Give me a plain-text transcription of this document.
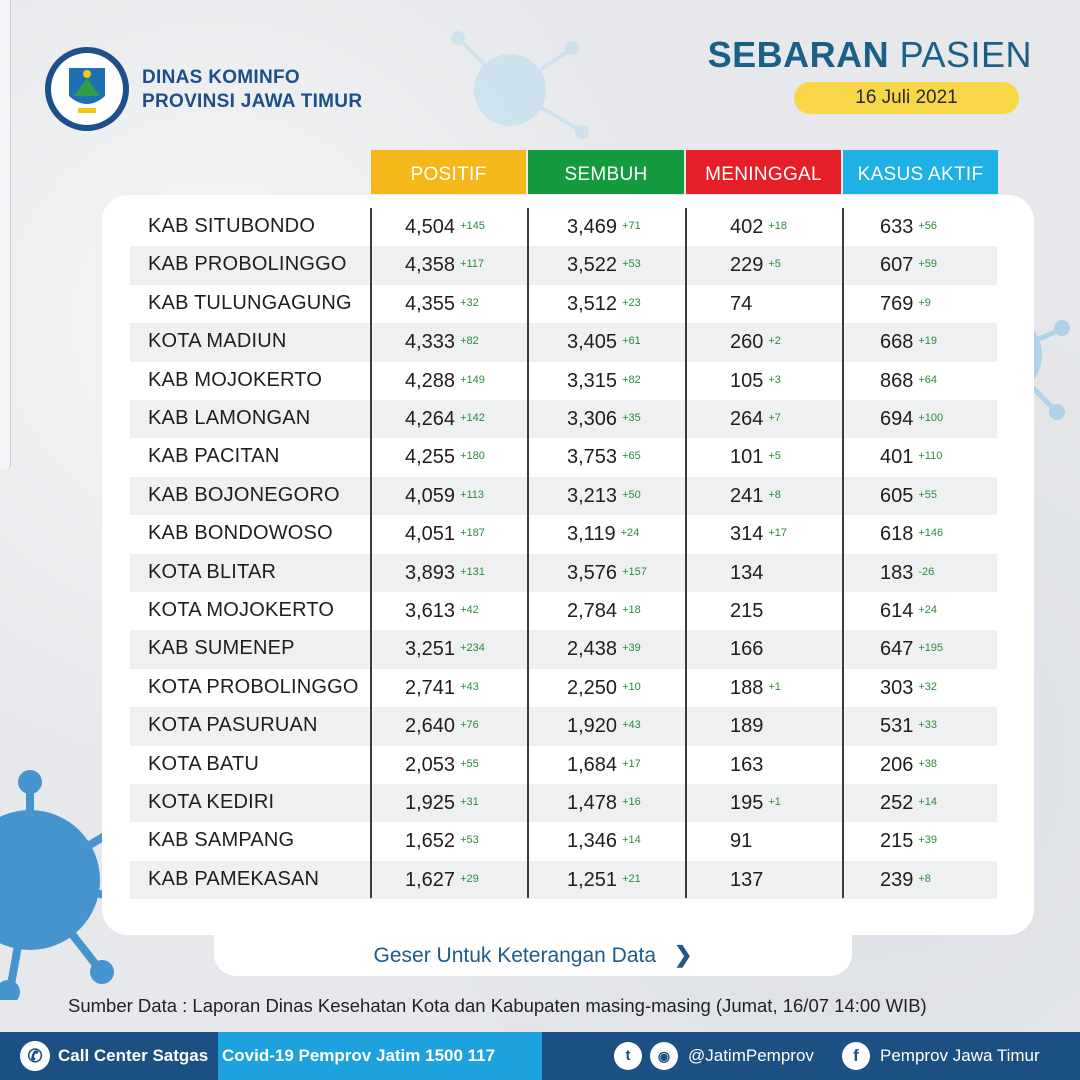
DINAS KOMINFO
PROVINSI JAWA TIMUR
SEBARAN PASIEN
16 Juli 2021
POSITIF	SEMBUH	MENINGGAL	KASUS AKTIF
KAB SITUBONDO	4,504 $^{+145}$	3,469 $^{+71}$	402 $^{+18}$	633 $^{+56}$
KAB PROBOLINGGO	4,358 $^{+117}$	3,522 $^{+53}$	229 $^{+5}$	607 $^{+59}$
KAB TULUNGAGUNG	4,355 $^{+32}$	3,512 $^{+23}$	74	769 $^{+9}$
KOTA MADIUN	4,333 $^{+82}$	3,405 $^{+61}$	260 $^{+2}$	668 $^{+19}$
KAB MOJOKERTO	4,288 $^{+149}$	3,315 $^{+82}$	105 $^{+3}$	868 $^{+64}$
KAB LAMONGAN	4,264 $^{+142}$	3,306 $^{+35}$	264 $^{+7}$	694 $^{+100}$
KAB PACITAN	4,255 $^{+180}$	3,753 $^{+65}$	101 $^{+5}$	401 $^{+110}$
KAB BOJONEGORO	4,059 $^{+113}$	3,213 $^{+50}$	241 $^{+8}$	605 $^{+55}$
KAB BONDOWOSO	4,051 $^{+187}$	3,119 $^{+24}$	314 $^{+17}$	618 $^{+146}$
KOTA BLITAR	3,893 $^{+131}$	3,576 $^{+157}$	134	183 $^{-26}$
KOTA MOJOKERTO	3,613 $^{+42}$	2,784 $^{+18}$	215	614 $^{+24}$
KAB SUMENEP	3,251 $^{+234}$	2,438 $^{+39}$	166	647 $^{+195}$
KOTA PROBOLINGGO 2,741 $^{+43}$	2,250 $^{+10}$	188 $^{+1}$	303 $^{+32}$
KOTA PASURUAN	2,640 $^{+76}$	1,920 $^{+43}$	189	531 $^{+33}$
KOTA BATU	2,053 $^{+55}$	1,684 $^{+17}$	163	206 $^{+38}$
KOTA KEDIRI	1,925 $^{+31}$	1,478 $^{+16}$	195 $^{+1}$	252 $^{+14}$
KAB SAMPANG	1,652 $^{+53}$	1,346 $^{+14}$	91	215 $^{+39}$
KAB PAMEKASAN	1,627 $^{+29}$	1,251 $^{+21}$	137	239 $^{+8}$
Geser Untuk Keterangan Data ❯
Sumber Data : Laporan Dinas Kesehatan Kota dan Kabupaten masing-masing (Jumat, 16/07 14:00 WIB)
✆ Call Center Satgas Covid-19 Pemprov Jatim 1500 117	t	◉	@JatimPemprov	f	Pemprov Jawa Timur
